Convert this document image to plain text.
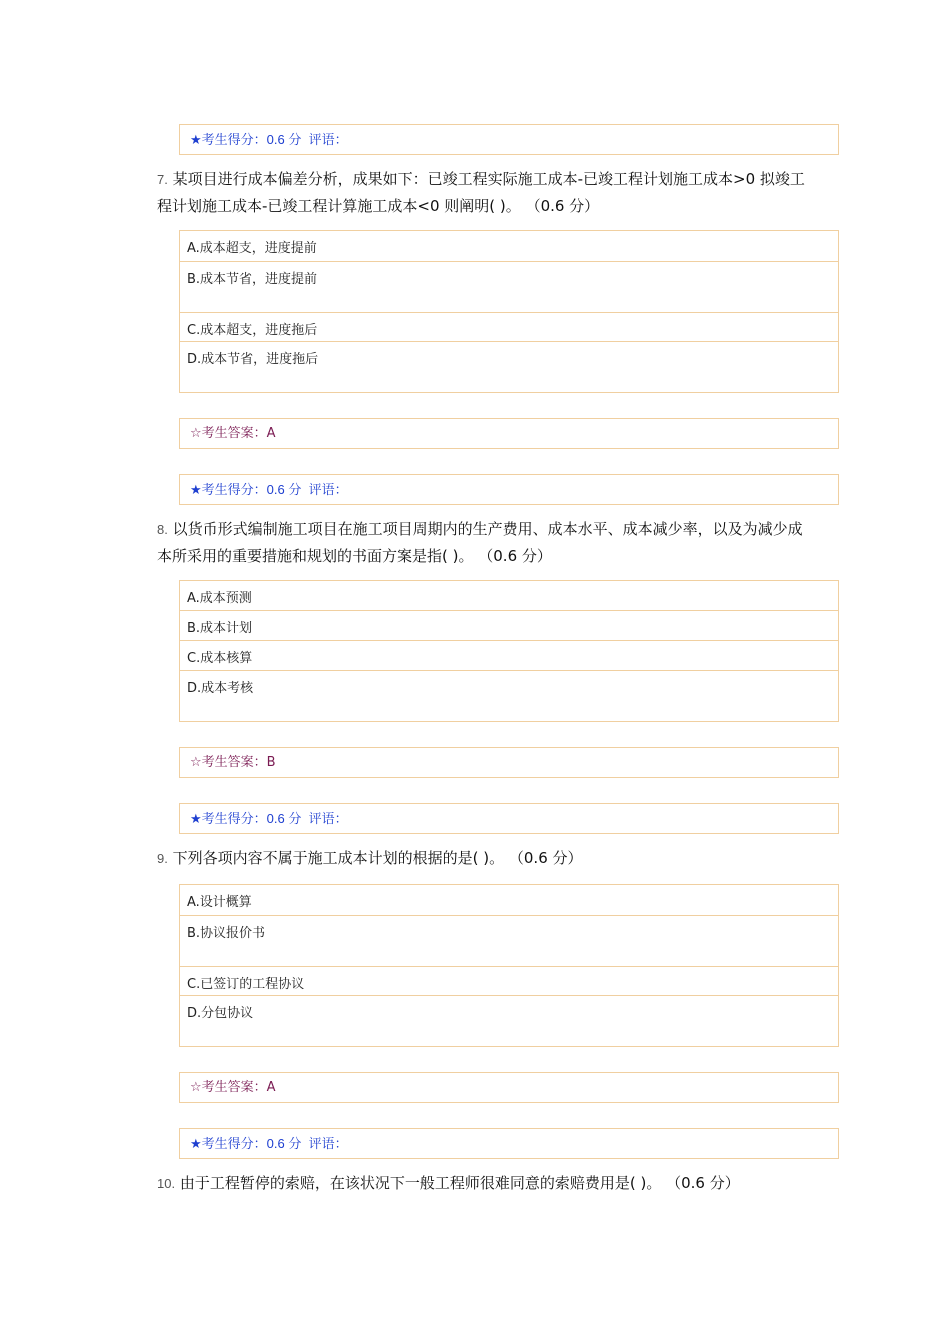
★考生得分：0.6 分 评语：
7. 某项目进行成本偏差分析，成果如下：已竣工程实际施工成本-已竣工程计划施工成本>0 拟竣工程计划施工成本-已竣工程计算施工成本<0 则阐明( )。 （0.6 分）
A.成本超支，进度提前
B.成本节省，进度提前
C.成本超支，进度拖后
D.成本节省，进度拖后
☆考生答案：A
★考生得分：0.6 分 评语：
8. 以货币形式编制施工项目在施工项目周期内的生产费用、成本水平、成本减少率，以及为减少成本所采用的重要措施和规划的书面方案是指( )。 （0.6 分）
A.成本预测
B.成本计划
C.成本核算
D.成本考核
☆考生答案：B
★考生得分：0.6 分 评语：
9. 下列各项内容不属于施工成本计划的根据的是( )。 （0.6 分）
A.设计概算
B.协议报价书
C.已签订的工程协议
D.分包协议
☆考生答案：A
★考生得分：0.6 分 评语：
10. 由于工程暂停的索赔，在该状况下一般工程师很难同意的索赔费用是( )。 （0.6 分）
